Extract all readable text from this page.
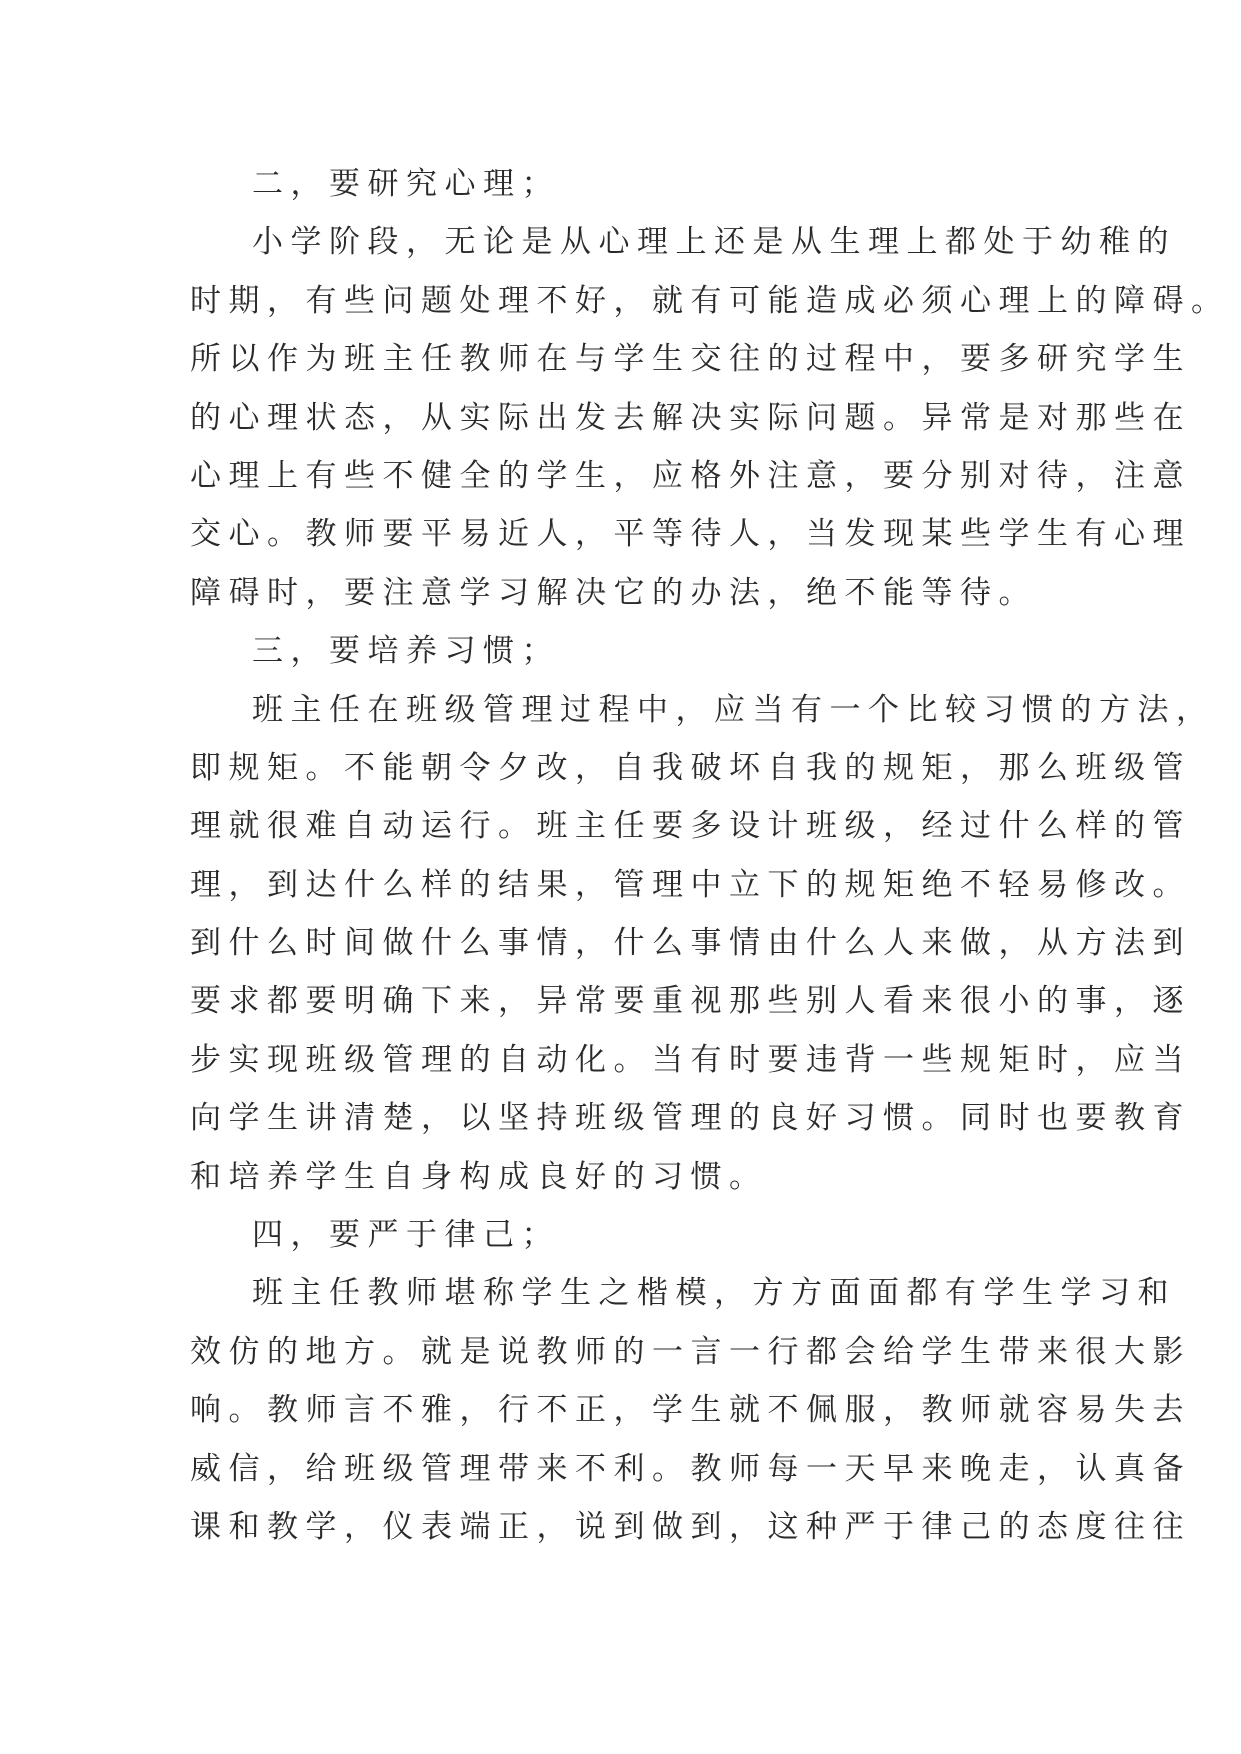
二，要研究心理；
小学阶段，无论是从心理上还是从生理上都处于幼稚的
时期，有些问题处理不好，就有可能造成必须心理上的障碍。
所以作为班主任教师在与学生交往的过程中，要多研究学生
的心理状态，从实际出发去解决实际问题。异常是对那些在
心理上有些不健全的学生，应格外注意，要分别对待，注意
交心。教师要平易近人，平等待人，当发现某些学生有心理
障碍时，要注意学习解决它的办法，绝不能等待。
三，要培养习惯；
班主任在班级管理过程中，应当有一个比较习惯的方法，
即规矩。不能朝令夕改，自我破坏自我的规矩，那么班级管
理就很难自动运行。班主任要多设计班级，经过什么样的管
理，到达什么样的结果，管理中立下的规矩绝不轻易修改。
到什么时间做什么事情，什么事情由什么人来做，从方法到
要求都要明确下来，异常要重视那些别人看来很小的事，逐
步实现班级管理的自动化。当有时要违背一些规矩时，应当
向学生讲清楚，以坚持班级管理的良好习惯。同时也要教育
和培养学生自身构成良好的习惯。
四，要严于律己；
班主任教师堪称学生之楷模，方方面面都有学生学习和
效仿的地方。就是说教师的一言一行都会给学生带来很大影
响。教师言不雅，行不正，学生就不佩服，教师就容易失去
威信，给班级管理带来不利。教师每一天早来晚走，认真备
课和教学，仪表端正，说到做到，这种严于律己的态度往往
